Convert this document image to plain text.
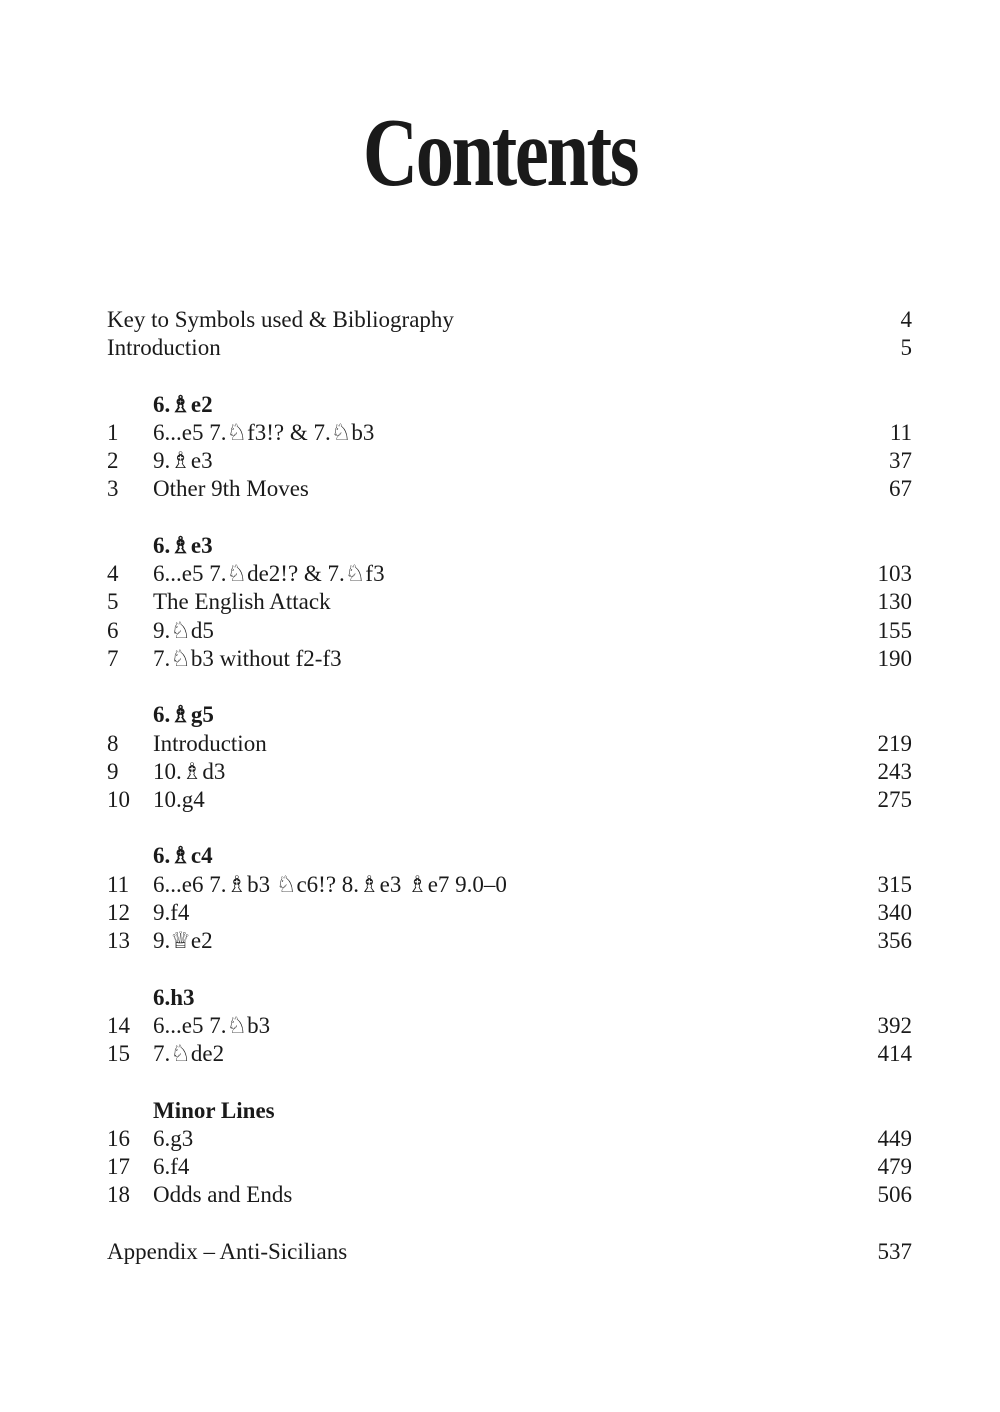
Contents
Key to Symbols used & Bibliography	4
Introduction	5
6.♗e2
1	6...e5 7.♘f3!? & 7.♘b3	11
2	9.♗e3	37
3	Other 9th Moves	67
6.♗e3
4	6...e5 7.♘de2!? & 7.♘f3	103
5	The English Attack	130
6	9.♘d5	155
7	7.♘b3 without f2-f3	190
6.♗g5
8	Introduction	219
9	10.♗d3	243
10	10.g4	275
6.♗c4
11	6...e6 7.♗b3 ♘c6!? 8.♗e3 ♗e7 9.0–0	315
12	9.f4	340
13	9.♕e2	356
6.h3
14	6...e5 7.♘b3	392
15	7.♘de2	414
Minor Lines
16	6.g3	449
17	6.f4	479
18	Odds and Ends	506
Appendix – Anti-Sicilians	537
